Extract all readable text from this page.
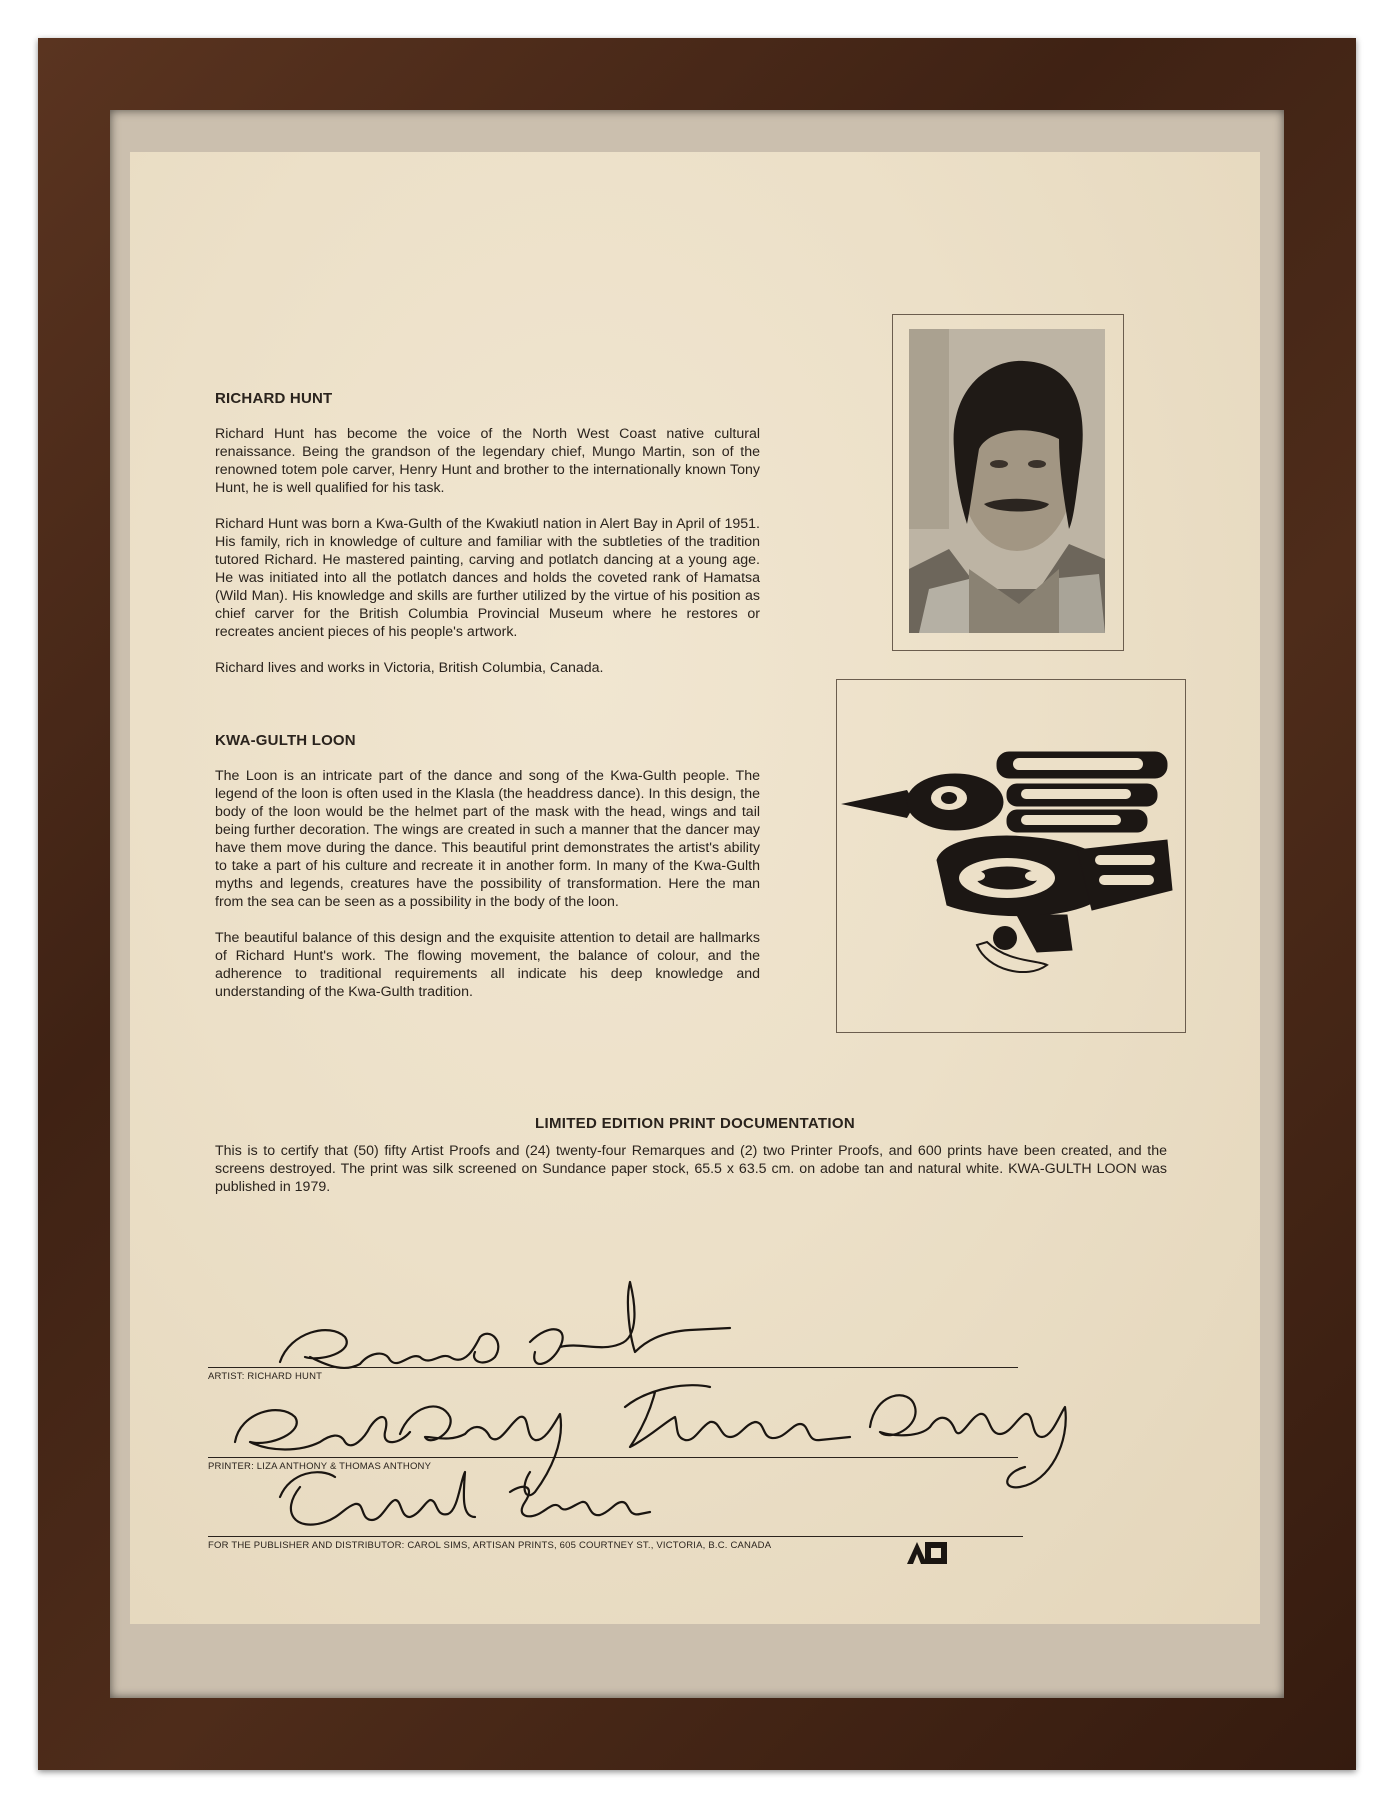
RICHARD HUNT

Richard Hunt has become the voice of the North West Coast native cultural renaissance. Being the grandson of the legendary chief, Mungo Martin, son of the renowned totem pole carver, Henry Hunt and brother to the internationally known Tony Hunt, he is well qualified for his task.

Richard Hunt was born a Kwa-Gulth of the Kwakiutl nation in Alert Bay in April of 1951. His family, rich in knowledge of culture and familiar with the subtleties of the tradition tutored Richard. He mastered painting, carving and potlatch dancing at a young age. He was initiated into all the potlatch dances and holds the coveted rank of Hamatsa (Wild Man). His knowledge and skills are further utilized by the virtue of his position as chief carver for the British Columbia Provincial Museum where he restores or recreates ancient pieces of his people's artwork.

Richard lives and works in Victoria, British Columbia, Canada.

KWA-GULTH LOON

The Loon is an intricate part of the dance and song of the Kwa-Gulth people. The legend of the loon is often used in the Klasla (the headdress dance). In this design, the body of the loon would be the helmet part of the mask with the head, wings and tail being further decoration. The wings are created in such a manner that the dancer may have them move during the dance. This beautiful print demonstrates the artist's ability to take a part of his culture and recreate it in another form. In many of the Kwa-Gulth myths and legends, creatures have the possibility of transformation. Here the man from the sea can be seen as a possibility in the body of the loon.

The beautiful balance of this design and the exquisite attention to detail are hallmarks of Richard Hunt's work. The flowing movement, the balance of colour, and the adherence to traditional requirements all indicate his deep knowledge and understanding of the Kwa-Gulth tradition.

LIMITED EDITION PRINT DOCUMENTATION
This is to certify that (50) fifty Artist Proofs and (24) twenty-four Remarques and (2) two Printer Proofs, and 600 prints have been created, and the screens destroyed. The print was silk screened on Sundance paper stock, 65.5 x 63.5 cm. on adobe tan and natural white. KWA-GULTH LOON was published in 1979.
ARTIST: RICHARD HUNT
PRINTER: LIZA ANTHONY & THOMAS ANTHONY
FOR THE PUBLISHER AND DISTRIBUTOR: CAROL SIMS, ARTISAN PRINTS, 605 COURTNEY ST., VICTORIA, B.C. CANADA
